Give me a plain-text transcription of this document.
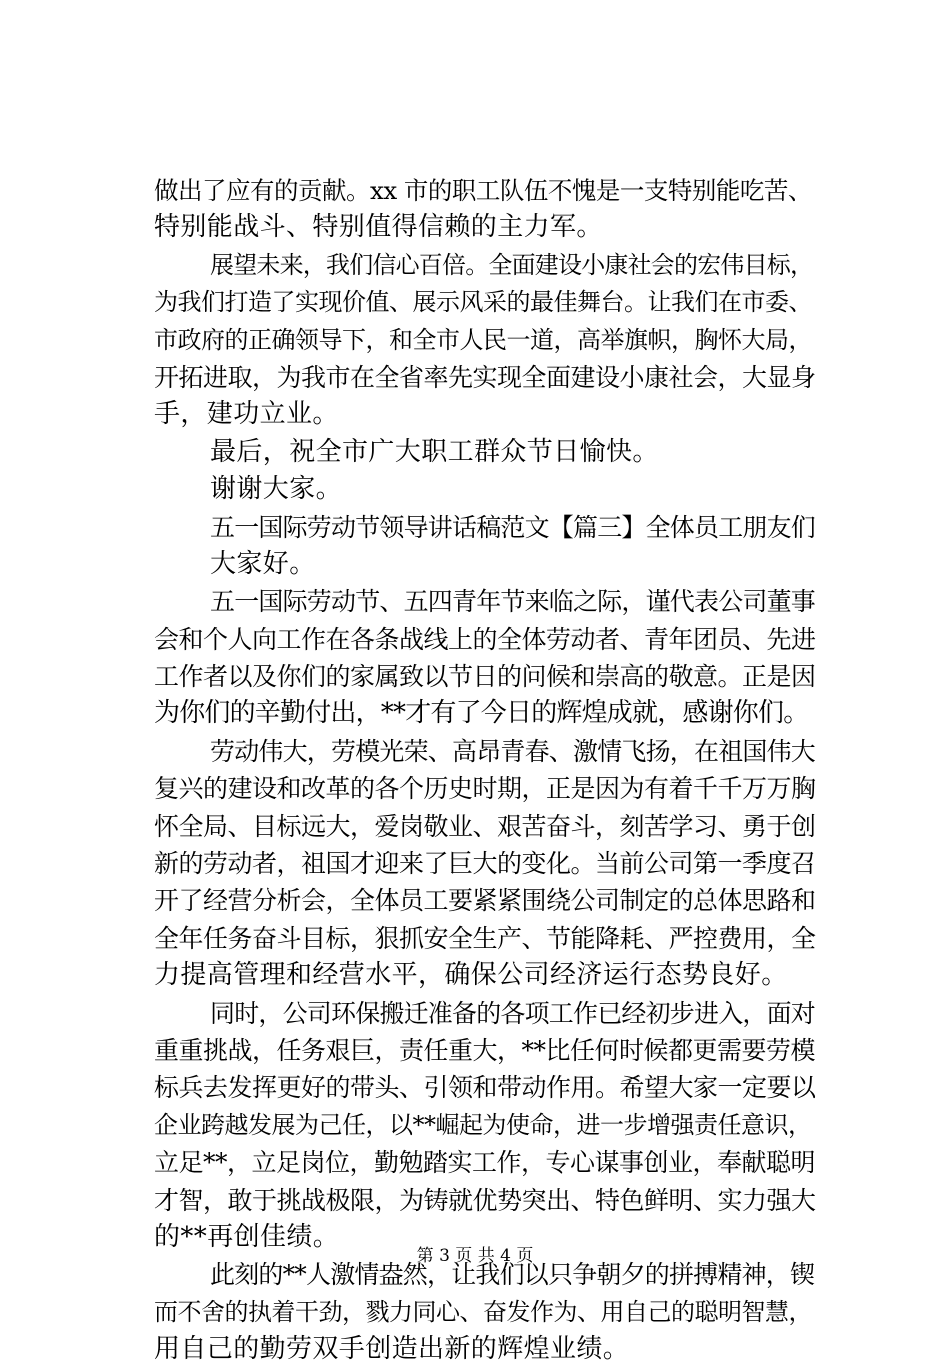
做出了应有的贡献。xx 市的职工队伍不愧是一支特别能吃苦、
特别能战斗、特别值得信赖的主力军。
展望未来，我们信心百倍。全面建设小康社会的宏伟目标，
为我们打造了实现价值、展示风采的最佳舞台。让我们在市委、
市政府的正确领导下，和全市人民一道，高举旗帜，胸怀大局，
开拓进取，为我市在全省率先实现全面建设小康社会，大显身
手，建功立业。
最后，祝全市广大职工群众节日愉快。
谢谢大家。
五一国际劳动节领导讲话稿范文【篇三】全体员工朋友们
大家好。
五一国际劳动节、五四青年节来临之际，谨代表公司董事
会和个人向工作在各条战线上的全体劳动者、青年团员、先进
工作者以及你们的家属致以节日的问候和崇高的敬意。正是因
为你们的辛勤付出，**才有了今日的辉煌成就，感谢你们。
劳动伟大，劳模光荣、高昂青春、激情飞扬，在祖国伟大
复兴的建设和改革的各个历史时期，正是因为有着千千万万胸
怀全局、目标远大，爱岗敬业、艰苦奋斗，刻苦学习、勇于创
新的劳动者，祖国才迎来了巨大的变化。当前公司第一季度召
开了经营分析会，全体员工要紧紧围绕公司制定的总体思路和
全年任务奋斗目标，狠抓安全生产、节能降耗、严控费用，全
力提高管理和经营水平，确保公司经济运行态势良好。
同时，公司环保搬迁准备的各项工作已经初步进入，面对
重重挑战，任务艰巨，责任重大，**比任何时候都更需要劳模
标兵去发挥更好的带头、引领和带动作用。希望大家一定要以
企业跨越发展为己任，以**崛起为使命，进一步增强责任意识，
立足**，立足岗位，勤勉踏实工作，专心谋事创业，奉献聪明
才智，敢于挑战极限，为铸就优势突出、特色鲜明、实力强大
的**再创佳绩。
此刻的**人激情盎然，让我们以只争朝夕的拼搏精神，锲
而不舍的执着干劲，戮力同心、奋发作为、用自己的聪明智慧，
用自己的勤劳双手创造出新的辉煌业绩。
第 3 页 共 4 页
